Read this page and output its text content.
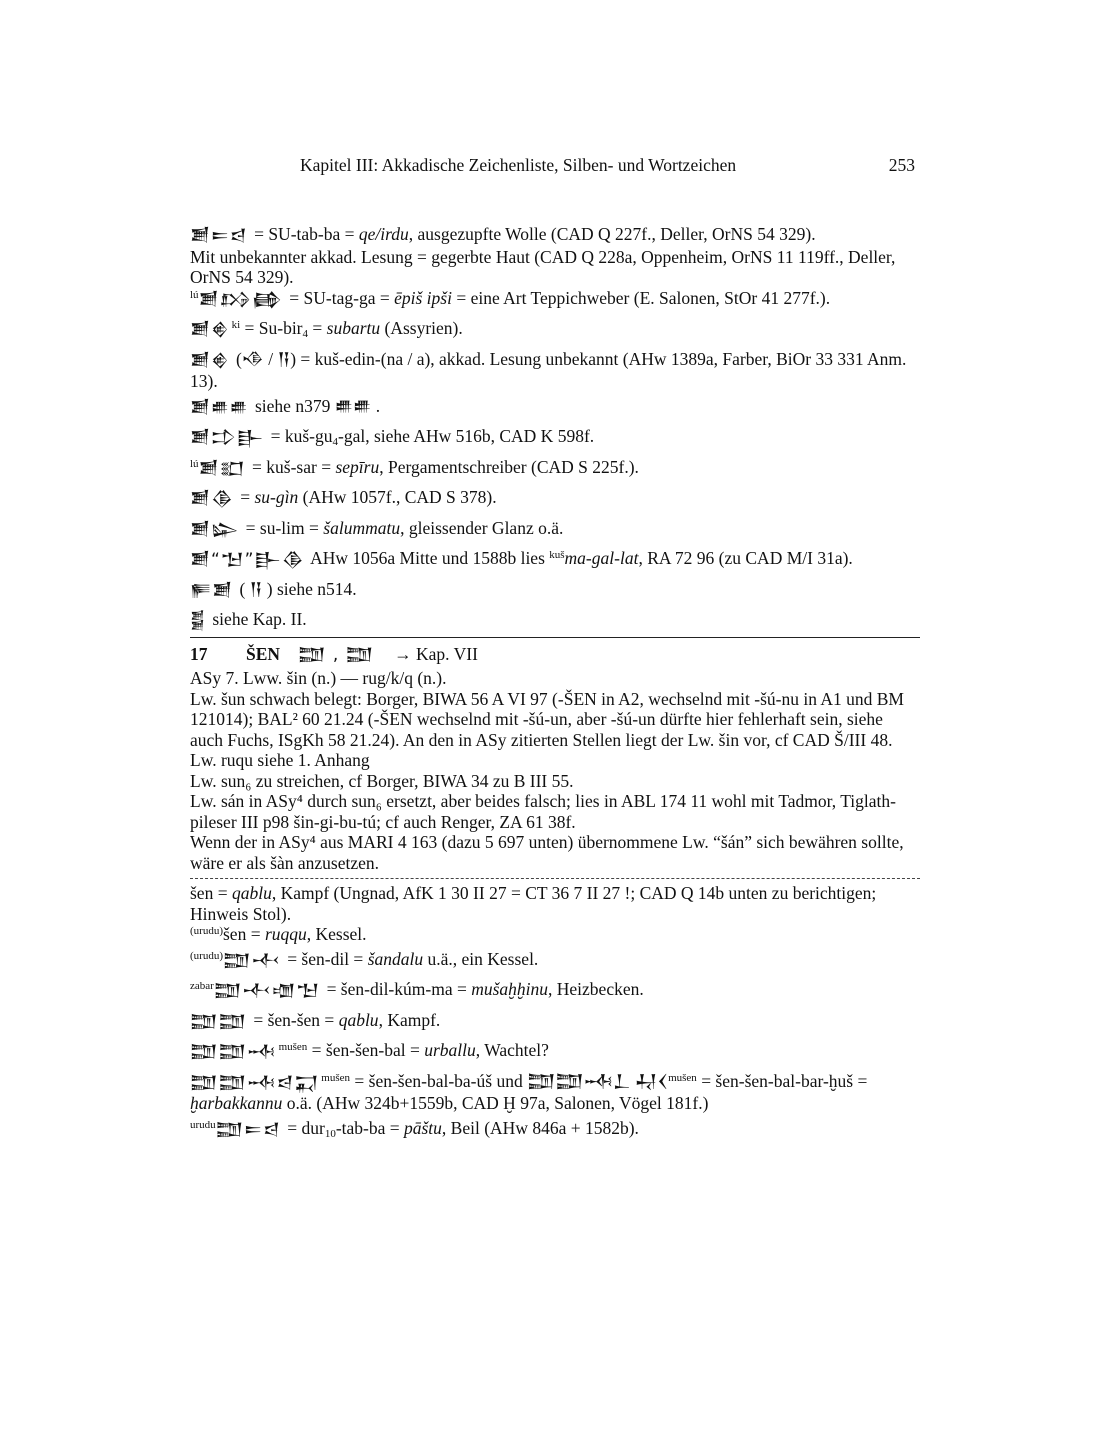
Kapitel III: Akkadische Zeichenliste, Silben- und Wortzeichen	253

𒋢𒋰𒁀 = SU-tab-ba = qe/irdu, ausgezupfte Wolle (CAD Q 227f., Deller, OrNS 54 329).

Mit unbekannter akkad. Lesung = gegerbte Haut (CAD Q 228a, Oppenheim, OrNS 11 119ff., Deller, OrNS 54 329).

$^{lú}$𒋢𒋳𒂵 = SU-tag-ga = ēpiš ipši = eine Art Teppichweber (E. Salonen, StOr 41 277f.).

𒋢𒄯 $^{ki}$ = Su-bir$_4$ = subartu (Assyrien).

𒋢𒄯 (𒈾 / 𒀀) = kuš-edin-(na / a), akkad. Lesung unbekannt (AHw 1389a, Farber, BiOr 33 331 Anm. 13).

𒋢𒌑𒌑 siehe n379 𒌑𒌑 .

𒋢𒄞𒃲 = kuš-$gu_4$-gal, siehe AHw 516b, CAD K 598f.

$^{lú}$𒋢𒊬 = kuš-sar = sepīru, Pergamentschreiber (CAD S 225f.).

𒋢𒆠 = su-gìn (AHw 1057f., CAD S 378).

𒋢𒇽 = su-lim = šalummatu, gleissender Glanz o.ä.

𒋢“𒈠”𒃲𒆠 AHw 1056a Mitte und 1588b lies $^{kuš}$ma-gal-lat, RA 72 96 (zu CAD M/I 31a).

𒊓𒋢 ( 𒀀 ) siehe n514.

𒋣 siehe Kap. II.

17	ŠEN	𒊿 , 𒊿 → Kap. VII

ASy 7. Lww. šin (n.) — rug/k/q (n.).

Lw. šun schwach belegt: Borger, BIWA 56 A VI 97 (-ŠEN in A2, wechselnd mit -šú-nu in A1 und BM 121014); BAL² 60 21.24 (-ŠEN wechselnd mit -šú-un, aber -šú-un dürfte hier fehlerhaft sein, siehe auch Fuchs, ISgKh 58 21.24). An den in ASy zitierten Stellen liegt der Lw. šin vor, cf CAD Š/III 48.

Lw. ruqu siehe 1. Anhang

Lw. sun₆ zu streichen, cf Borger, BIWA 34 zu B III 55.

Lw. sán in ASy⁴ durch sun₆ ersetzt, aber beides falsch; lies in ABL 174 11 wohl mit Tadmor, Tiglath-pileser III p98 šin-gi-bu-tú; cf auch Renger, ZA 61 38f.

Wenn der in ASy⁴ aus MARI 4 163 (dazu 5 697 unten) übernommene Lw. “šán” sich bewähren sollte, wäre er als šàn anzusetzen.

šen = qablu, Kampf (Ungnad, AfK 1 30 II 27 = CT 36 7 II 27 !; CAD Q 14b unten zu berichtigen; Hinweis Stol).

$^{(urudu)}$šen = ruqqu, Kessel.

$^{(urudu)}$𒊿𒋾 = šen-dil = šandalu u.ä., ein Kessel.

$^{zabar}$𒊿𒋾𒌝𒈠 = šen-dil-kúm-ma = mušaḫḫinu, Heizbecken.

𒊿𒊿 = šen-šen = qablu, Kampf.

𒊿𒊿𒁄 $^{mušen}$ = šen-šen-bal = urballu, Wachtel?

𒊿𒊿𒁄𒁀𒍑 $^{mušen}$ = šen-šen-bal-ba-úš und 𒊿𒊿𒁄𒁇 𒄷𒌋$^{mušen}$ = šen-šen-bal-bar-ḫuš = ḫarbakkannu o.ä. (AHw 324b+1559b, CAD Ḫ 97a, Salonen, Vögel 181f.)

$^{urudu}$𒊿𒋰𒁀 = dur$_{10}$-tab-ba = pāštu, Beil (AHw 846a + 1582b).
